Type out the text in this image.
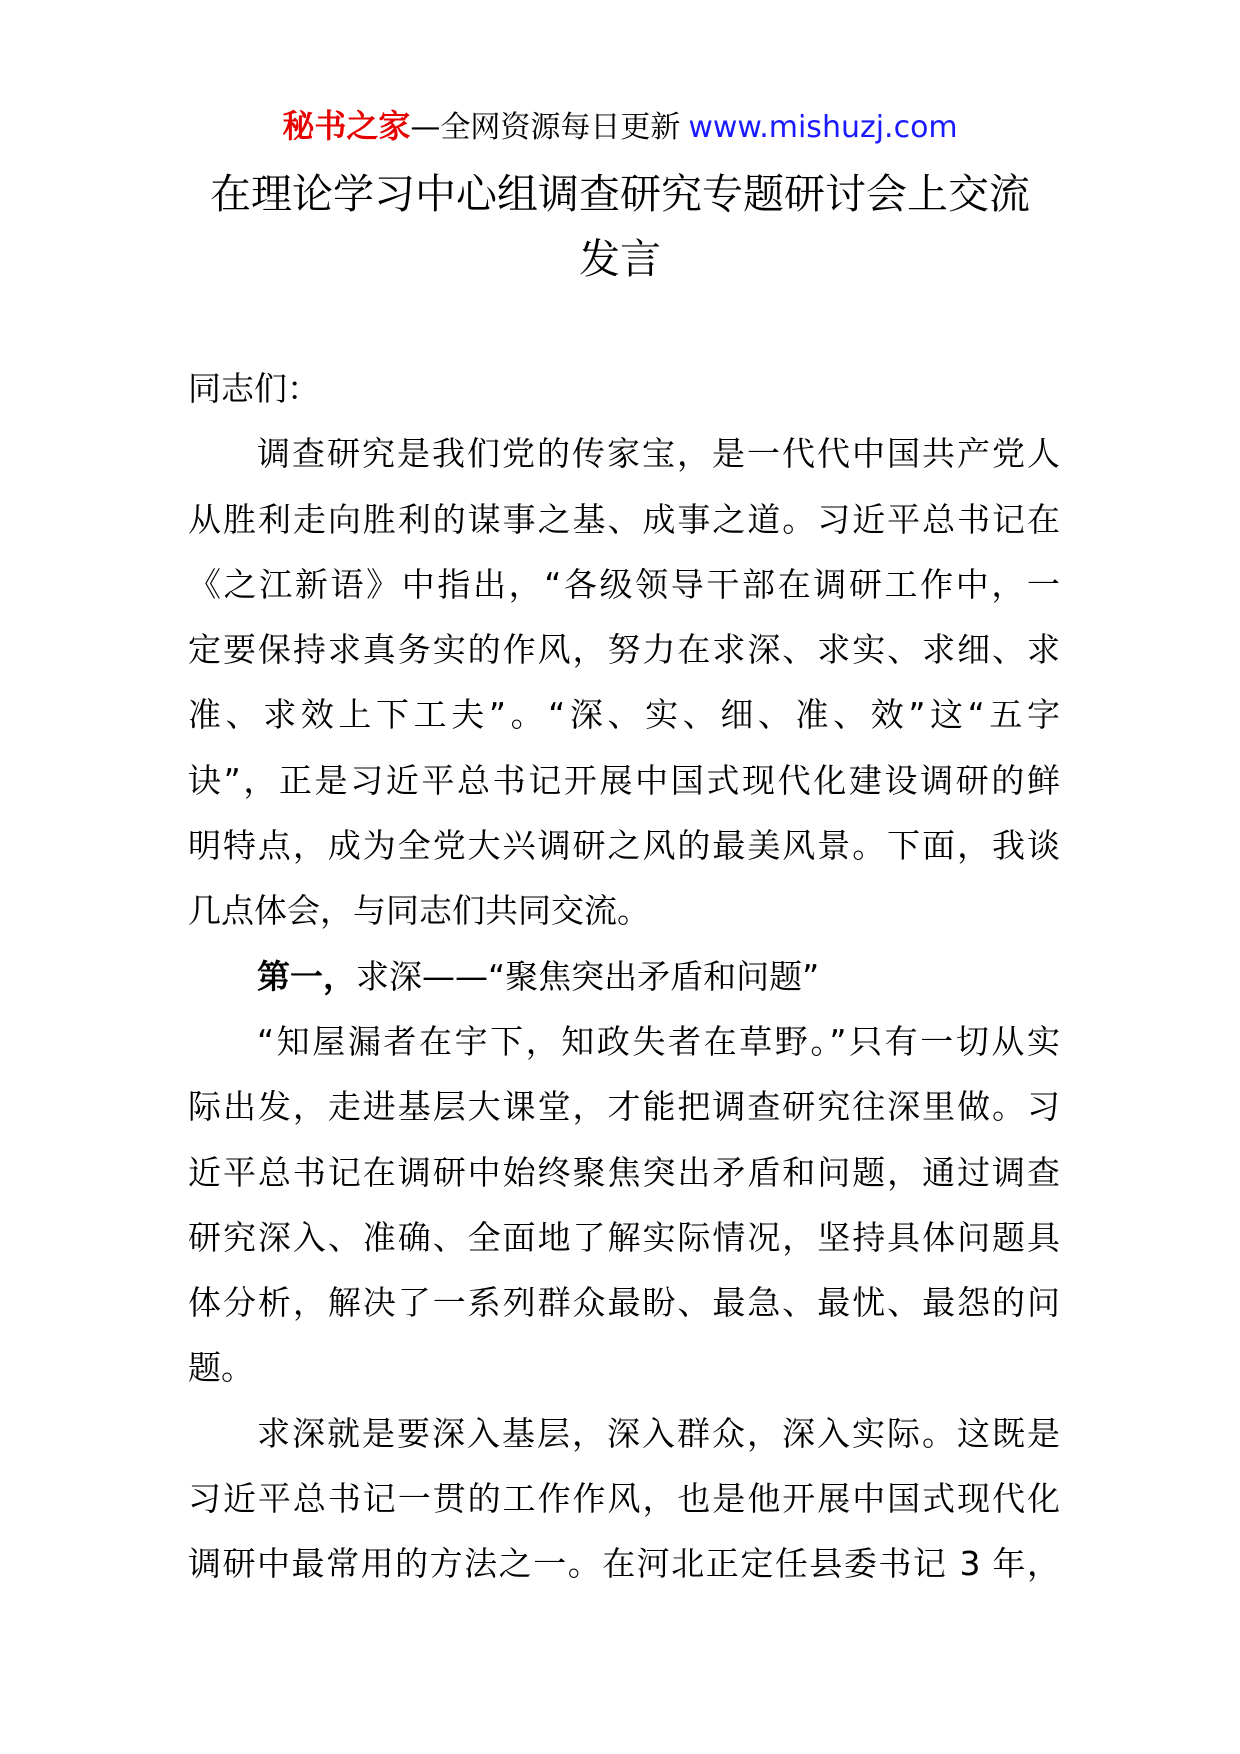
秘书之家—全网资源每日更新 www.mishuzj.com
在理论学习中心组调查研究专题研讨会上交流
发言
同志们：
调查研究是我们党的传家宝，是一代代中国共产党人
从胜利走向胜利的谋事之基、成事之道。习近平总书记在
《之江新语》中指出，“各级领导干部在调研工作中，一
定要保持求真务实的作风，努力在求深、求实、求细、求
准、求效上下工夫”。“深、实、细、准、效”这“五字
诀”，正是习近平总书记开展中国式现代化建设调研的鲜
明特点，成为全党大兴调研之风的最美风景。下面，我谈
几点体会，与同志们共同交流。
第一，求深——“聚焦突出矛盾和问题”
“知屋漏者在宇下，知政失者在草野。”只有一切从实
际出发，走进基层大课堂，才能把调查研究往深里做。习
近平总书记在调研中始终聚焦突出矛盾和问题，通过调查
研究深入、准确、全面地了解实际情况，坚持具体问题具
体分析，解决了一系列群众最盼、最急、最忧、最怨的问
题。
求深就是要深入基层，深入群众，深入实际。这既是
习近平总书记一贯的工作作风，也是他开展中国式现代化
调研中最常用的方法之一。在河北正定任县委书记 3 年，
